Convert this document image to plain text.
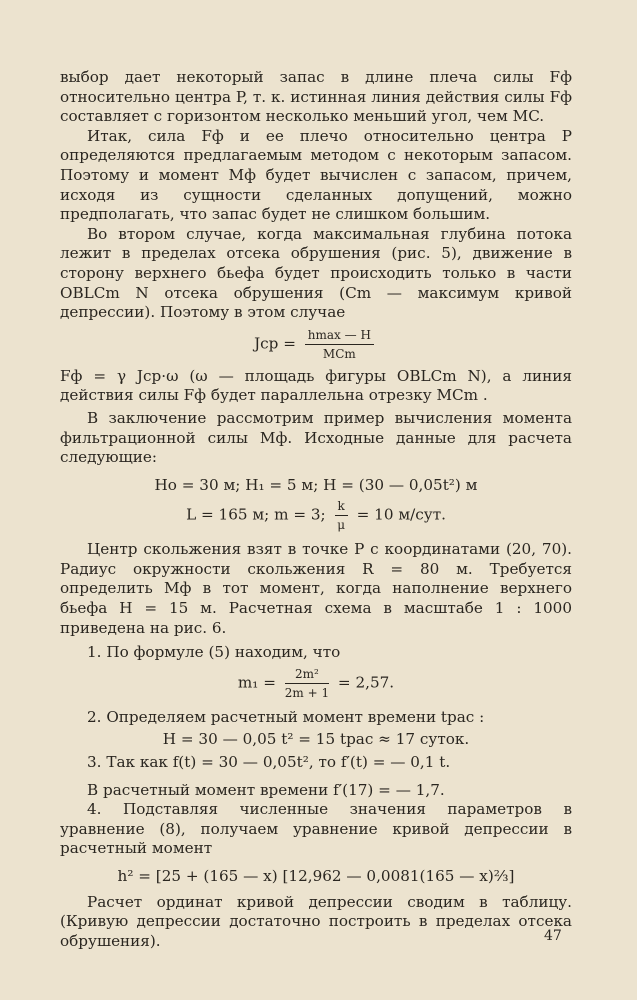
выбор дает некоторый запас в длине плеча силы Fф относительно центра P, т. к. истинная линия действия силы Fф составляет с горизонтом несколько меньший угол, чем MC.

Итак, сила Fф и ее плечо относительно центра P определяются предлагаемым методом с некоторым запасом. Поэтому и момент Mф будет вычислен с запасом, причем, исходя из сущности сделанных допущений, можно предполагать, что запас будет не слишком большим.

Во втором случае, когда максимальная глубина потока лежит в пределах отсека обрушения (рис. 5), движение в сторону верхнего бьефа будет происходить только в части OBLCm N отсека обрушения (Cm — максимум кривой депрессии). Поэтому в этом случае

Jср = $\frac{hmax — H}{\text{MCm}}$

Fф = γ Jср·ω (ω — площадь фигуры OBLCm N), а линия действия силы Fф будет параллельна отрезку MCm .

В заключение рассмотрим пример вычисления момента фильтрационной силы Mф. Исходные данные для расчета следующие:

Hо = 30 м; H₁ = 5 м; H = (30 — 0,05t²) м

L = 165 м; m = 3; $\frac{k}{\mu} = 10$ м/сут.

Центр скольжения взят в точке P с координатами (20, 70). Радиус окружности скольжения R = 80 м. Требуется определить Mф в тот момент, когда наполнение верхнего бьефа H = 15 м. Расчетная схема в масштабе 1 : 1000 приведена на рис. 6.

1. По формуле (5) находим, что

$m_1 = \frac{\text{2m²}}{2m + 1} = 2,57$.

2. Определяем расчетный момент времени tрас :

H = 30 — 0,05 t² = 15 tрас ≈ 17 суток.

3. Так как f(t) = 30 — 0,05t², то f′(t) = — 0,1 t.

В расчетный момент времени f′(17) = — 1,7.

4. Подставляя численные значения параметров в уравнение (8), получаем уравнение кривой депрессии в расчетный момент

h² = [25 + (165 — x) [12,962 — 0,0081(165 — x)⅔]

Расчет ординат кривой депрессии сводим в таблицу. (Кривую депрессии достаточно построить в пределах отсека обрушения).	47
